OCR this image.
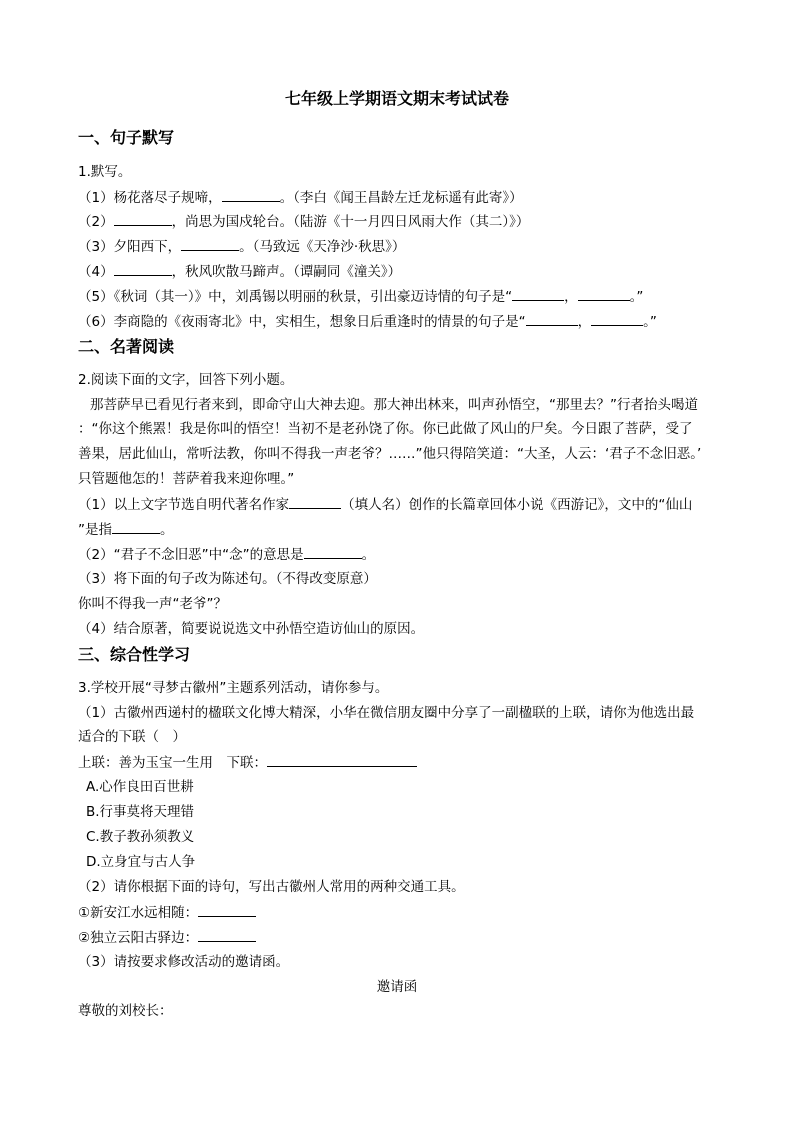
七年级上学期语文期末考试试卷
一、句子默写
1.默写。
（1）杨花落尽子规啼，	。（李白《闻王昌龄左迁龙标遥有此寄》）
（2）	，尚思为国戍轮台。（陆游《十一月四日风雨大作（其二）》）
（3）夕阳西下，	。（马致远《天净沙·秋思》）
（4）	，秋风吹散马蹄声。（谭嗣同《潼关》）
（5）《秋词（其一）》中，刘禹锡以明丽的秋景，引出豪迈诗情的句子是“	，	。”
（6）李商隐的《夜雨寄北》中，实相生，想象日后重逢时的情景的句子是“	，	。”
二、名著阅读
2.阅读下面的文字，回答下列小题。
那菩萨早已看见行者来到，即命守山大神去迎。那大神出林来，叫声孙悟空，“那里去？”行者抬头喝道
：“你这个熊罴！我是你叫的悟空！当初不是老孙饶了你。你已此做了风山的尸矣。今日跟了菩萨，受了
善果，居此仙山，常听法教，你叫不得我一声老爷？……”他只得陪笑道：“大圣，人云：‘君子不念旧恶。’
只管题他怎的！菩萨着我来迎你哩。”
（1）以上文字节选自明代著名作家	（填人名）创作的长篇章回体小说《西游记》，文中的“仙山
”是指	。
（2）“君子不念旧恶”中“念”的意思是	。
（3）将下面的句子改为陈述句。（不得改变原意）
你叫不得我一声“老爷”？
（4）结合原著，简要说说选文中孙悟空造访仙山的原因。
三、综合性学习
3.学校开展“寻梦古徽州”主题系列活动，请你参与。
（1）古徽州西递村的楹联文化博大精深，小华在微信朋友圈中分享了一副楹联的上联，请你为他选出最
适合的下联（　）
上联：善为玉宝一生用　下联：
A.心作良田百世耕
B.行事莫将天理错
C.教子教孙须教义
D.立身宜与古人争
（2）请你根据下面的诗句，写出古徽州人常用的两种交通工具。
①新安江水远相随：
②独立云阳古驿边：
（3）请按要求修改活动的邀请函。
邀请函
尊敬的刘校长：
